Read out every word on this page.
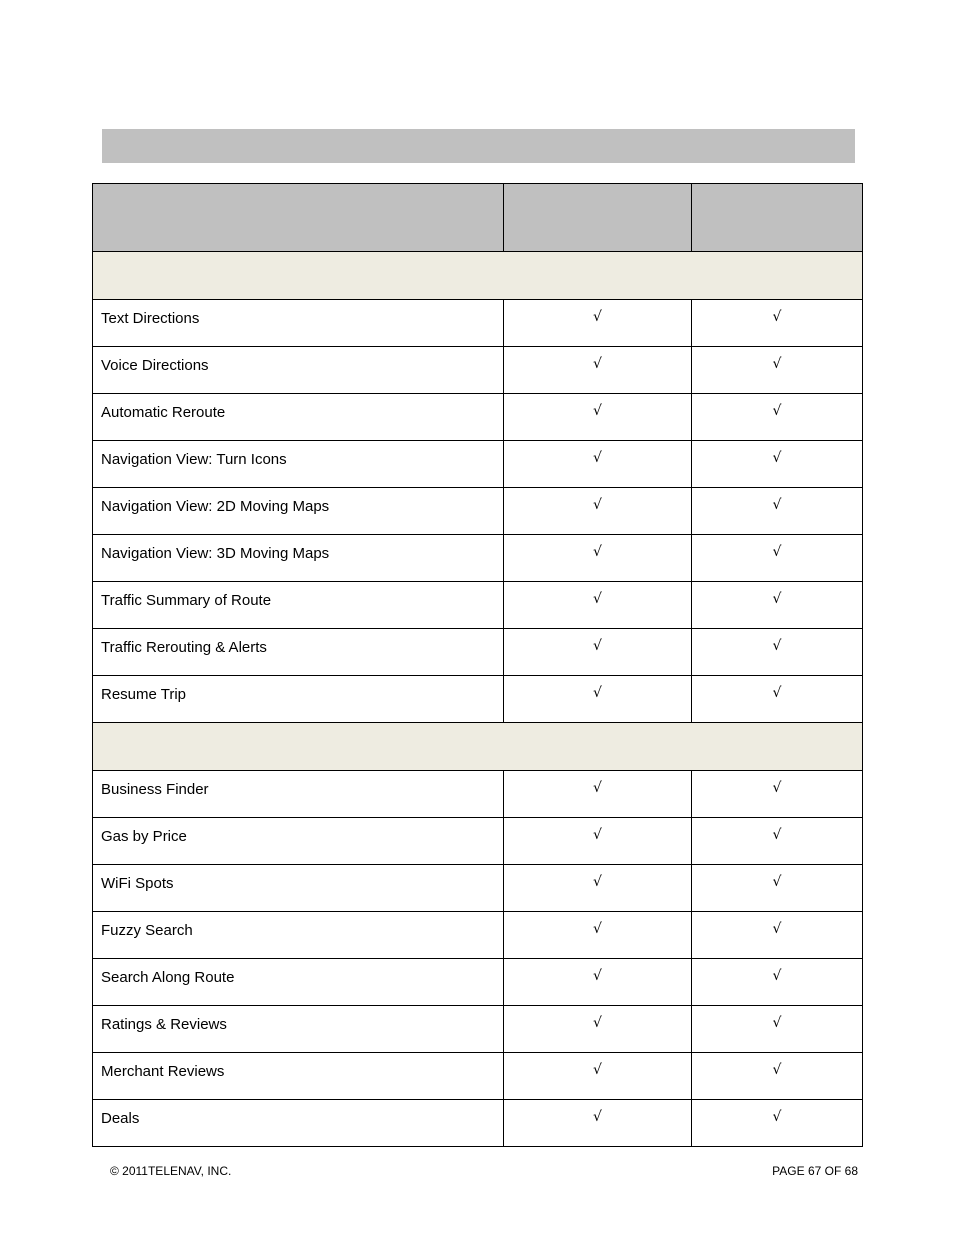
Text Directions	√	√
Voice Directions	√	√
Automatic Reroute	√	√
Navigation View: Turn Icons	√	√
Navigation View: 2D Moving Maps	√	√
Navigation View: 3D Moving Maps	√	√
Traffic Summary of Route	√	√
Traffic Rerouting & Alerts	√	√
Resume Trip	√	√

Business Finder	√	√
Gas by Price	√	√
WiFi Spots	√	√
Fuzzy Search	√	√
Search Along Route	√	√
Ratings & Reviews	√	√
Merchant Reviews	√	√
Deals	√	√
© 2011TELENAV, INC.	PAGE 67 OF 68
